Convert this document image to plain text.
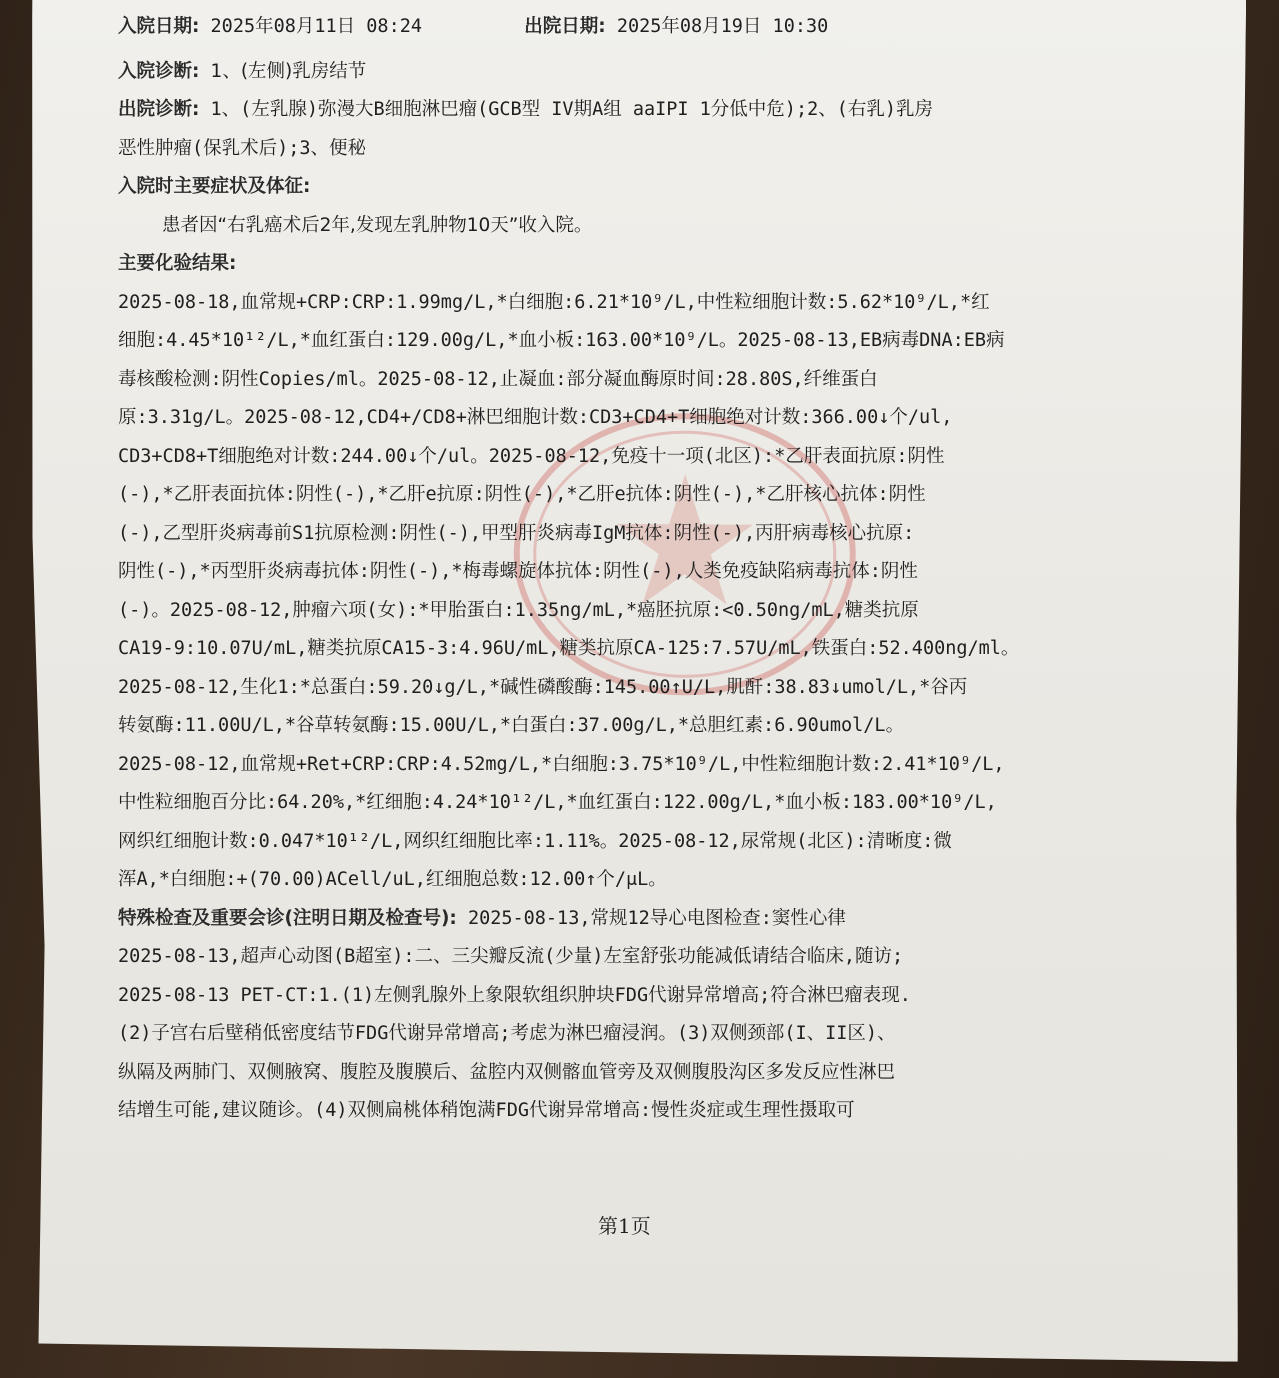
入院日期: 2025年08月11日 08:24	出院日期: 2025年08月19日 10:30
入院诊断: 1、(左侧)乳房结节
出院诊断: 1、(左乳腺)弥漫大B细胞淋巴瘤(GCB型 IV期A组 aaIPI 1分低中危);2、(右乳)乳房
恶性肿瘤(保乳术后);3、便秘
入院时主要症状及体征:
患者因“右乳癌术后2年,发现左乳肿物10天”收入院。
主要化验结果:
2025-08-18,血常规+CRP:CRP:1.99mg/L,*白细胞:6.21*10⁹/L,中性粒细胞计数:5.62*10⁹/L,*红
细胞:4.45*10¹²/L,*血红蛋白:129.00g/L,*血小板:163.00*10⁹/L。2025-08-13,EB病毒DNA:EB病
毒核酸检测:阴性Copies/ml。2025-08-12,止凝血:部分凝血酶原时间:28.80S,纤维蛋白
原:3.31g/L。2025-08-12,CD4+/CD8+淋巴细胞计数:CD3+CD4+T细胞绝对计数:366.00↓个/ul,
CD3+CD8+T细胞绝对计数:244.00↓个/ul。2025-08-12,免疫十一项(北区):*乙肝表面抗原:阴性
(-),*乙肝表面抗体:阴性(-),*乙肝e抗原:阴性(-),*乙肝e抗体:阴性(-),*乙肝核心抗体:阴性
(-),乙型肝炎病毒前S1抗原检测:阴性(-),甲型肝炎病毒IgM抗体:阴性(-),丙肝病毒核心抗原:
阴性(-),*丙型肝炎病毒抗体:阴性(-),*梅毒螺旋体抗体:阴性(-),人类免疫缺陷病毒抗体:阴性
(-)。2025-08-12,肿瘤六项(女):*甲胎蛋白:1.35ng/mL,*癌胚抗原:<0.50ng/mL,糖类抗原
CA19-9:10.07U/mL,糖类抗原CA15-3:4.96U/mL,糖类抗原CA-125:7.57U/mL,铁蛋白:52.400ng/ml。
2025-08-12,生化1:*总蛋白:59.20↓g/L,*碱性磷酸酶:145.00↑U/L,肌酐:38.83↓umol/L,*谷丙
转氨酶:11.00U/L,*谷草转氨酶:15.00U/L,*白蛋白:37.00g/L,*总胆红素:6.90umol/L。
2025-08-12,血常规+Ret+CRP:CRP:4.52mg/L,*白细胞:3.75*10⁹/L,中性粒细胞计数:2.41*10⁹/L,
中性粒细胞百分比:64.20%,*红细胞:4.24*10¹²/L,*血红蛋白:122.00g/L,*血小板:183.00*10⁹/L,
网织红细胞计数:0.047*10¹²/L,网织红细胞比率:1.11%。2025-08-12,尿常规(北区):清晰度:微
浑A,*白细胞:+(70.00)ACell/uL,红细胞总数:12.00↑个/μL。
特殊检查及重要会诊(注明日期及检查号): 2025-08-13,常规12导心电图检查:窦性心律
2025-08-13,超声心动图(B超室):二、三尖瓣反流(少量)左室舒张功能减低请结合临床,随访;
2025-08-13 PET-CT:1.(1)左侧乳腺外上象限软组织肿块FDG代谢异常增高;符合淋巴瘤表现.
(2)子宫右后壁稍低密度结节FDG代谢异常增高;考虑为淋巴瘤浸润。(3)双侧颈部(I、II区)、
纵隔及两肺门、双侧腋窝、腹腔及腹膜后、盆腔内双侧髂血管旁及双侧腹股沟区多发反应性淋巴
结增生可能,建议随诊。(4)双侧扁桃体稍饱满FDG代谢异常增高:慢性炎症或生理性摄取可
第1页
